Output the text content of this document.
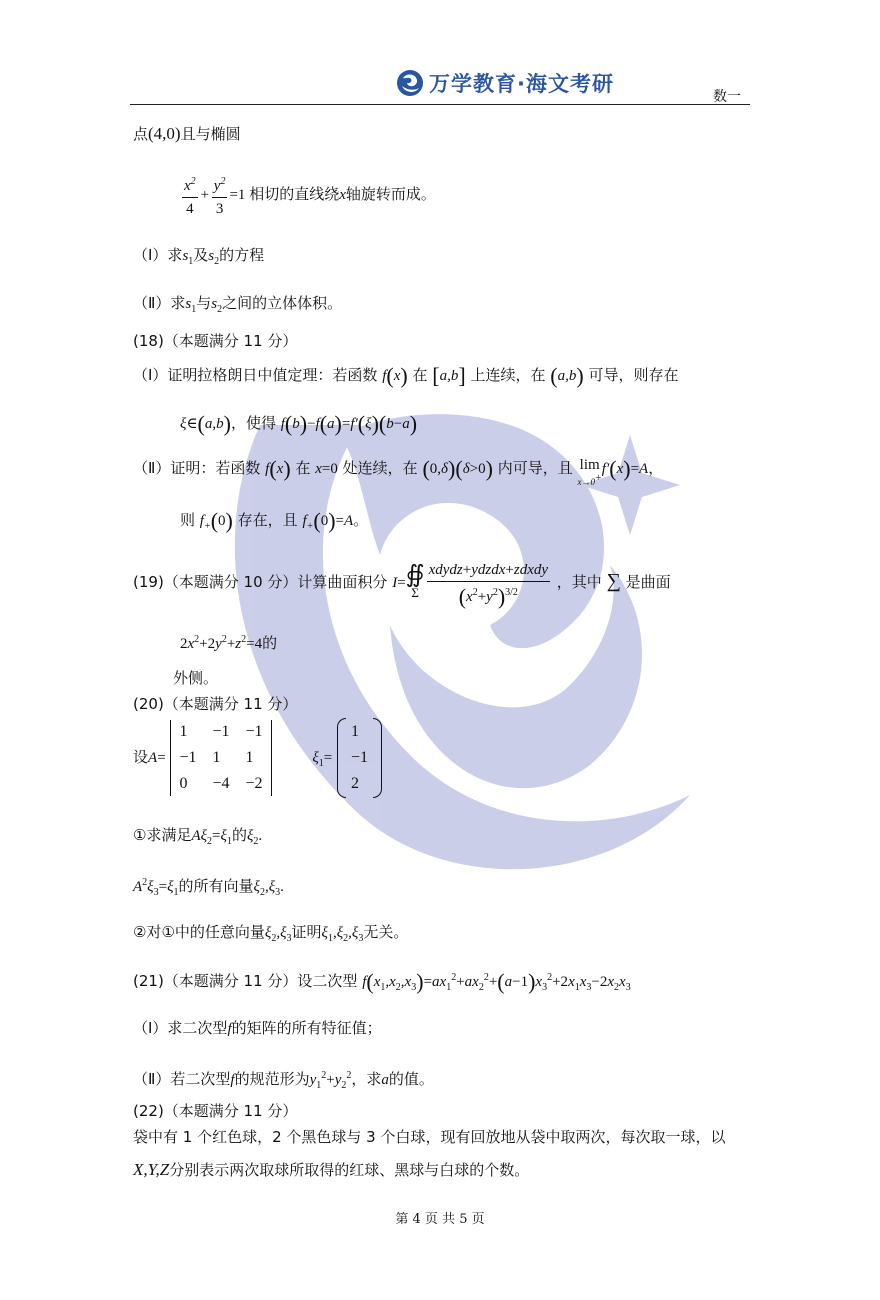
万学教育·海文考研
数一
点(4,0)且与椭圆
$\frac{x^2}{4} + \frac{y^2}{3} =1$ 相切的直线绕x轴旋转而成。
（Ⅰ）求$s_1$及$s_2$的方程
（Ⅱ）求$s_1$与$s_2$之间的立体体积。
(18)（本题满分 11 分）
（Ⅰ）证明拉格朗日中值定理：若函数 f(x) 在 [a,b] 上连续，在 (a,b) 可导，则存在
ξ∈(a,b)，使得 f(b)−f(a)=f′(ξ)(b−a)
（Ⅱ）证明：若函数 f(x) 在 x=0 处连续，在 (0,δ)(δ>0) 内可导，且 lim
x→0+
f′(x)=A，
则 $f_+(0)$ 存在，且 $f_+(0)=A$。
(19)（本题满分 10 分）计算曲面积分 I= ∯
Σ $\frac{\text{xdydz+ydzdx+zdxdy}}{(x^2+y^2)^{3/2}}$ ，其中 ∑ 是曲面
$2x^2+2y^2+z^2=4$的
外侧。
(20)（本题满分 11 分）
设A=
1	−1 −1
−1 1	1
0	−4 −2
$\xi_1=$
1
−1
2
①求满足$A\xi_2=\xi_1$的$\xi_2$.
$A^2\xi_3=\xi_1$的所有向量$\xi_2,\xi_3$.
②对①中的任意向量$\xi_2,\xi_3$证明$\xi_1,\xi_2,\xi_3$无关。
(21)（本题满分 11 分）设二次型 $f(x_1,x_2,x_3)=ax_1^2+ax_2^2+(a-1)x_3^2+2x_1x_3-2x_2x_3$
（Ⅰ）求二次型f的矩阵的所有特征值；
（Ⅱ）若二次型f的规范形为$y_1^2+y_2^2$，求a的值。
(22)（本题满分 11 分）
袋中有 1 个红色球，2 个黑色球与 3 个白球，现有回放地从袋中取两次，每次取一球，以
X,Y,Z分别表示两次取球所取得的红球、黑球与白球的个数。
第 4 页 共 5 页
